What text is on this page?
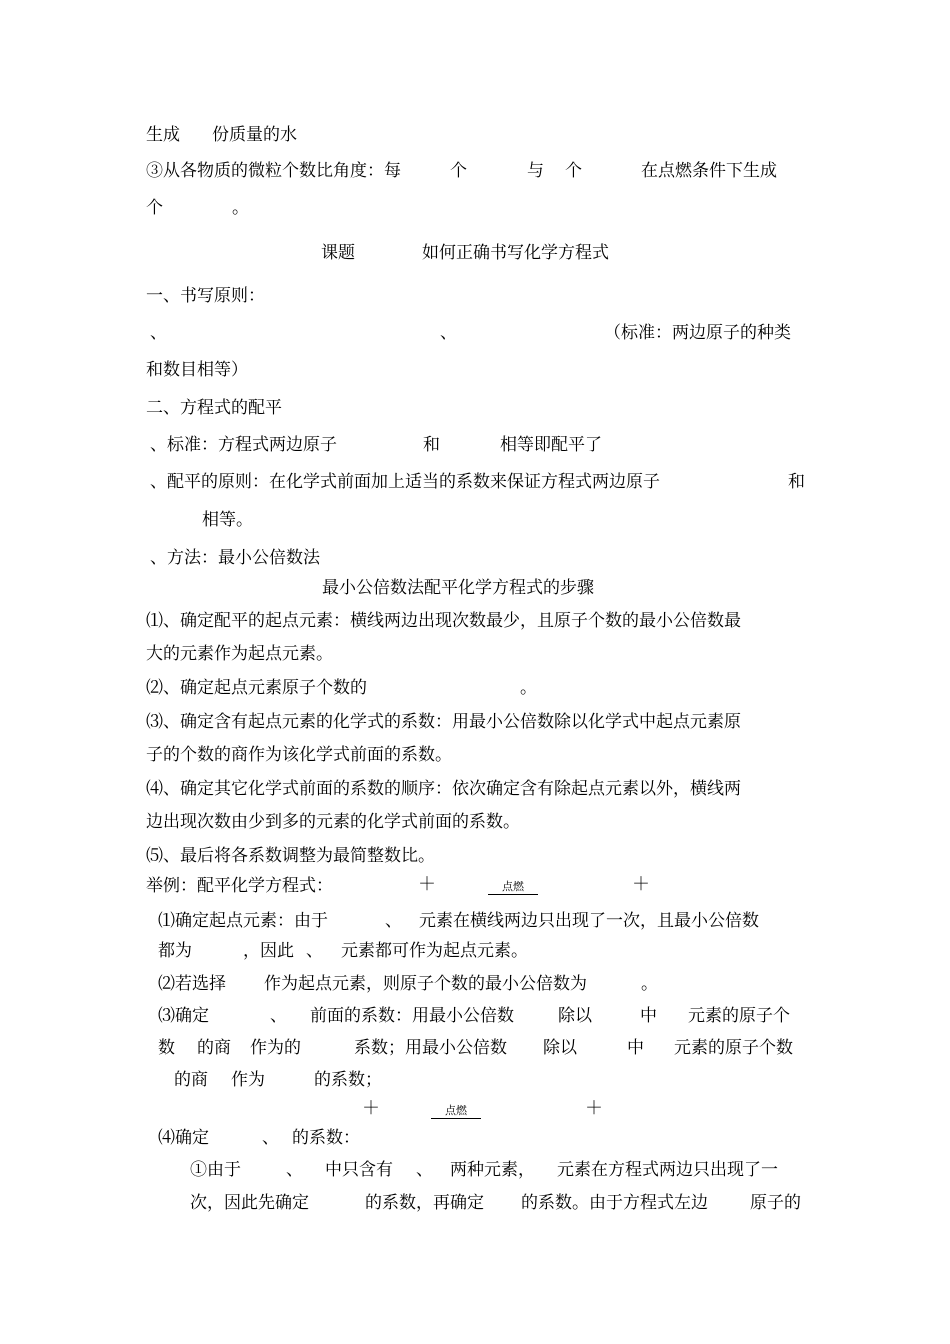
生成 份质量的水
③从各物质的微粒个数比角度：每	个	与 个	在点燃条件下生成
个	。
课题	如何正确书写化学方程式
一、书写原则：
、	、	（标准：两边原子的种类
和数目相等）
二、方程式的配平
、标准：方程式两边原子	和	相等即配平了
、配平的原则：在化学式前面加上适当的系数来保证方程式两边原子	和
相等。
、方法：最小公倍数法
最小公倍数法配平化学方程式的步骤
⑴、确定配平的起点元素：横线两边出现次数最少，且原子个数的最小公倍数最
大的元素作为起点元素。
⑵、确定起点元素原子个数的	。
⑶、确定含有起点元素的化学式的系数：用最小公倍数除以化学式中起点元素原
子的个数的商作为该化学式前面的系数。
⑷、确定其它化学式前面的系数的顺序：依次确定含有除起点元素以外，横线两
边出现次数由少到多的元素的化学式前面的系数。
⑸、最后将各系数调整为最简整数比。
举例：配平化学方程式：	＋	点燃	＋
⑴确定起点元素：由于	、 元素在横线两边只出现了一次，且最小公倍数
都为	，因此 、 元素都可作为起点元素。
⑵若选择 作为起点元素，则原子个数的最小公倍数为	。
⑶确定	、 前面的系数：用最小公倍数	除以	中 元素的原子个
数 的商 作为的	系数；用最小公倍数 除以	中 元素的原子个数
的商 作为	的系数；
＋	点燃	＋
⑷确定	、 的系数：
①由于	、 中只含有 、 两种元素， 元素在方程式两边只出现了一
次，因此先确定	的系数，再确定 的系数。由于方程式左边 原子的
